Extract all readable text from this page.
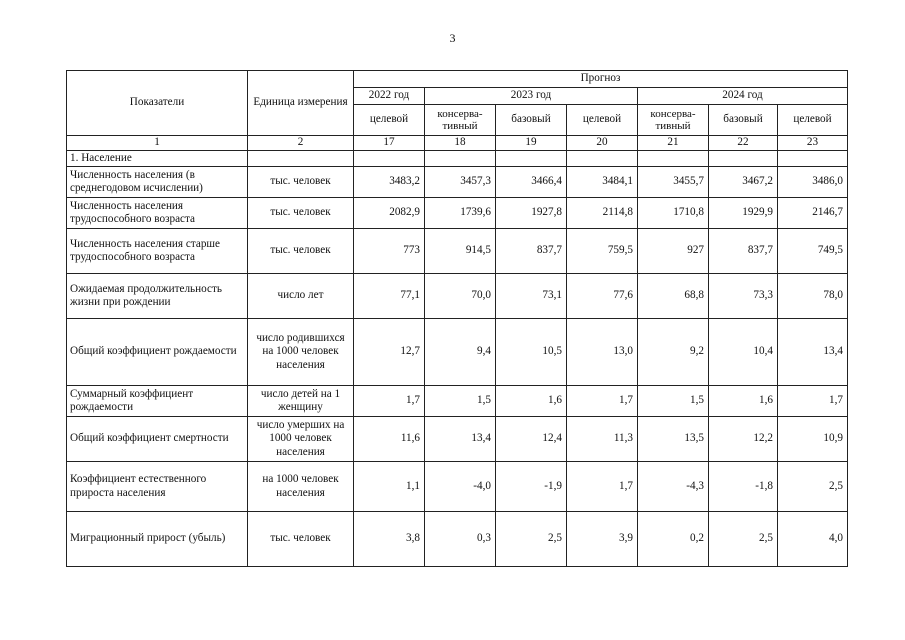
3
Показатели	Единица измерения	Прогноз						
		2022 год	2023 год			2024 год		
		целевой	консерва-тивный	базовый	целевой	консерва-тивный	базовый	целевой
1	2	17	18	19	20	21	22	23
1. Население								
Численность населения (в среднегодовом исчислении)	тыс. человек	3483,2	3457,3	3466,4	3484,1	3455,7	3467,2	3486,0
Численность населения трудоспособного возраста	тыс. человек	2082,9	1739,6	1927,8	2114,8	1710,8	1929,9	2146,7
Численность населения старше трудоспособного возраста	тыс. человек	773	914,5	837,7	759,5	927	837,7	749,5
Ожидаемая продолжительность жизни при рождении	число лет	77,1	70,0	73,1	77,6	68,8	73,3	78,0
Общий коэффициент рождаемости	число родившихся на 1000 человек населения	12,7	9,4	10,5	13,0	9,2	10,4	13,4
Суммарный коэффициент рождаемости	число детей на 1 женщину	1,7	1,5	1,6	1,7	1,5	1,6	1,7
Общий коэффициент смертности	число умерших на 1000 человек населения	11,6	13,4	12,4	11,3	13,5	12,2	10,9
Коэффициент естественного прироста населения	на 1000 человек населения	1,1	-4,0	-1,9	1,7	-4,3	-1,8	2,5
Миграционный прирост (убыль)	тыс. человек	3,8	0,3	2,5	3,9	0,2	2,5	4,0
